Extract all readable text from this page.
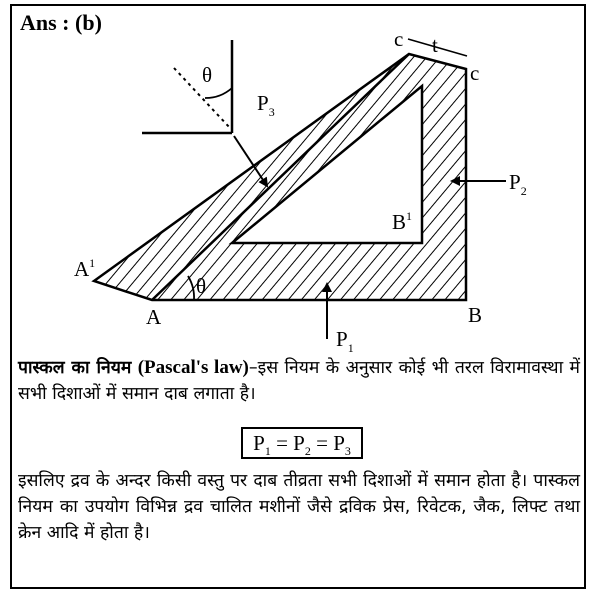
Ans : (b)
θ
$P_3$
t
c
c
$P_2$
$B^1$
$A^1$
θ
$P_1$
A	B
पास्कल का नियम (Pascal's law)–इस नियम के अनुसार कोई भी तरल विरामावस्था में सभी दिशाओं में समान दाब लगाता है।
$P_1 = P_2 = P_3$
इसलिए द्रव के अन्दर किसी वस्तु पर दाब तीव्रता सभी दिशाओं में समान होता है। पास्कल नियम का उपयोग विभिन्न द्रव चालित मशीनों जैसे द्रविक प्रेस, रिवेटक, जैक, लिफ्ट तथा क्रेन आदि में होता है।
